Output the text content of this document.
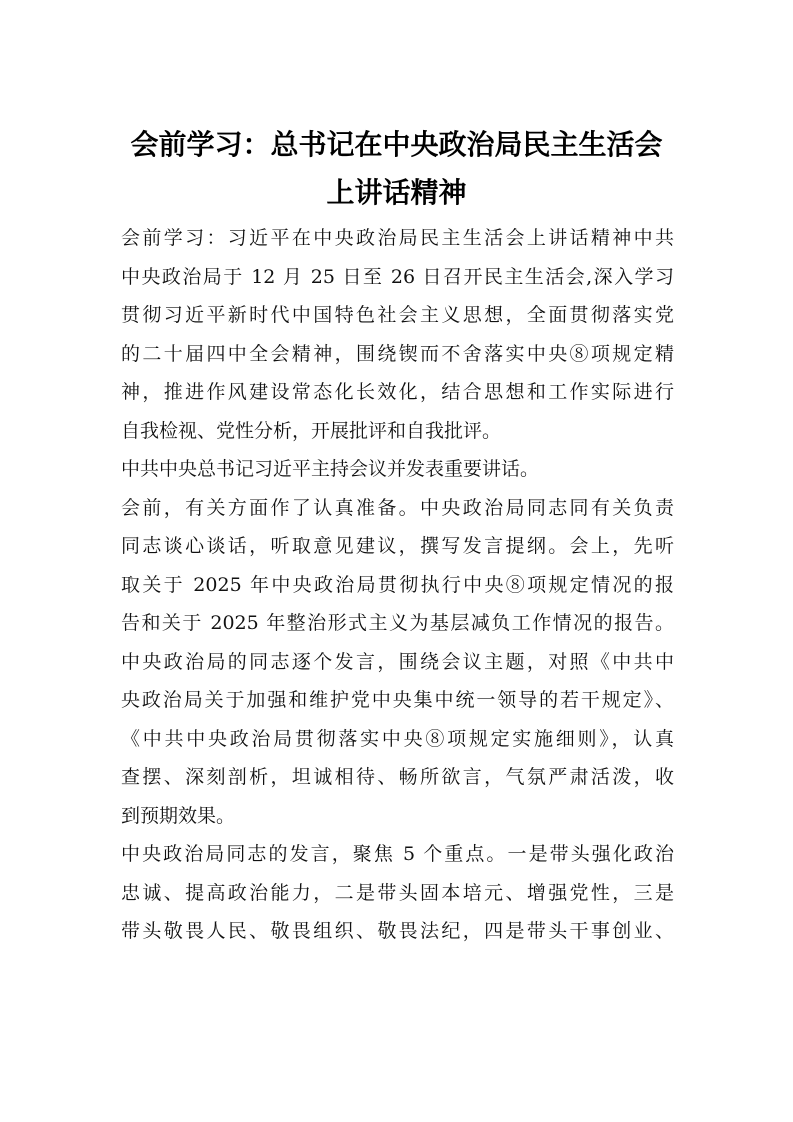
会前学习：总书记在中央政治局民主生活会
上讲话精神
会前学习：习近平在中央政治局民主生活会上讲话精神中共
中央政治局于 12 月 25 日至 26 日召开民主生活会,深入学习
贯彻习近平新时代中国特色社会主义思想，全面贯彻落实党
的二十届四中全会精神，围绕锲而不舍落实中央⑧项规定精
神，推进作风建设常态化长效化，结合思想和工作实际进行
自我检视、党性分析，开展批评和自我批评。
中共中央总书记习近平主持会议并发表重要讲话。
会前，有关方面作了认真准备。中央政治局同志同有关负责
同志谈心谈话，听取意见建议，撰写发言提纲。会上，先听
取关于 2025 年中央政治局贯彻执行中央⑧项规定情况的报
告和关于 2025 年整治形式主义为基层减负工作情况的报告。
中央政治局的同志逐个发言，围绕会议主题，对照《中共中
央政治局关于加强和维护党中央集中统一领导的若干规定》、
《中共中央政治局贯彻落实中央⑧项规定实施细则》，认真
查摆、深刻剖析，坦诚相待、畅所欲言，气氛严肃活泼，收
到预期效果。
中央政治局同志的发言，聚焦 5 个重点。一是带头强化政治
忠诚、提高政治能力，二是带头固本培元、增强党性，三是
带头敬畏人民、敬畏组织、敬畏法纪，四是带头干事创业、
